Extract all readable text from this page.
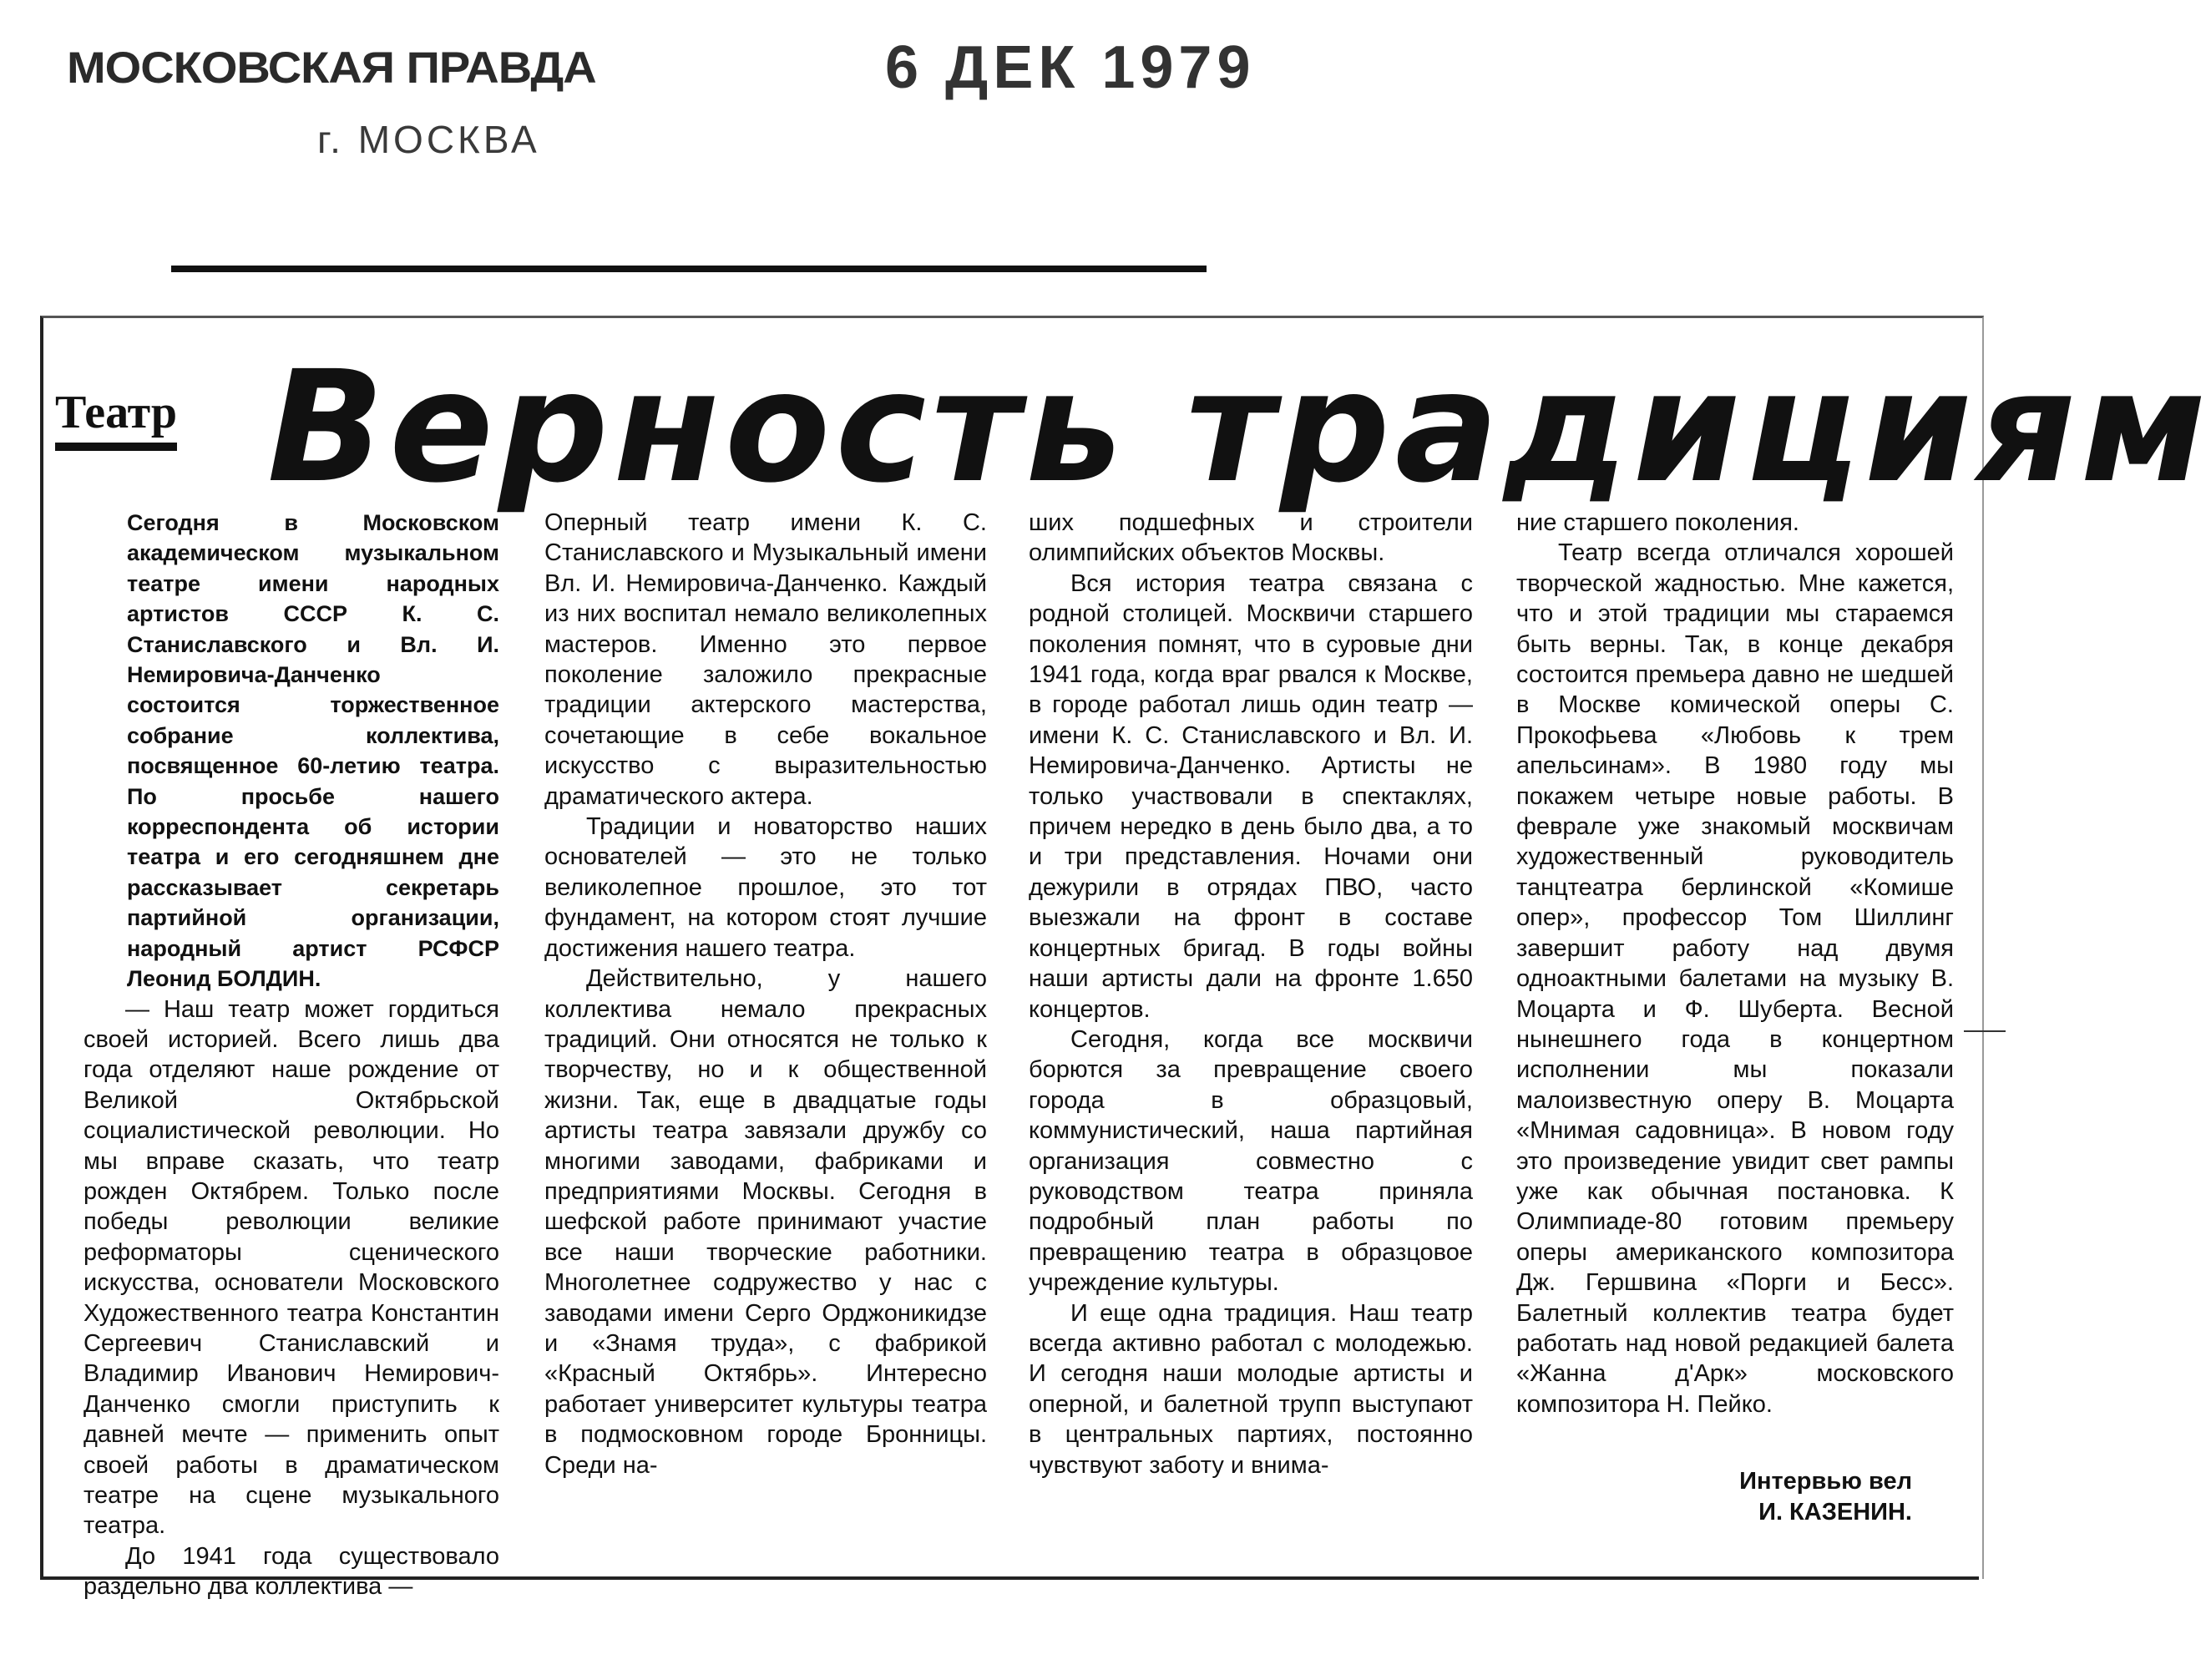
МОСКОВСКАЯ ПРАВДА
г. МОСКВА
6 ДЕК 1979
Театр Верность традициям

Сегодня в Московском академическом музыкальном театре имени народных артистов СССР К. С. Станиславского и Вл. И. Немировича-Данченко состоится торжественное собрание коллектива, посвященное 60-летию театра. По просьбе нашего корреспондента об истории театра и его сегодняшнем дне рассказывает секретарь партийной организации, народный артист РСФСР Леонид БОЛДИН.

— Наш театр может гордиться своей историей. Всего лишь два года отделяют наше рождение от Великой Октябрьской социалистической революции. Но мы вправе сказать, что театр рожден Октябрем. Только после победы революции великие реформаторы сценического искусства, основатели Московского Художественного театра Константин Сергеевич Станиславский и Владимир Иванович Немирович-Данченко смогли приступить к давней мечте — применить опыт своей работы в драматическом театре на сцене музыкального театра.

До 1941 года существовало раздельно два коллектива —

Оперный театр имени К. С. Станиславского и Музыкальный имени Вл. И. Немировича-Данченко. Каждый из них воспитал немало великолепных мастеров. Именно это первое поколение заложило прекрасные традиции актерского мастерства, сочетающие в себе вокальное искусство с выразительностью драматического актера.

Традиции и новаторство наших основателей — это не только великолепное прошлое, это тот фундамент, на котором стоят лучшие достижения нашего театра.

Действительно, у нашего коллектива немало прекрасных традиций. Они относятся не только к творчеству, но и к общественной жизни. Так, еще в двадцатые годы артисты театра завязали дружбу со многими заводами, фабриками и предприятиями Москвы. Сегодня в шефской работе принимают участие все наши творческие работники. Многолетнее содружество у нас с заводами имени Серго Орджоникидзе и «Знамя труда», с фабрикой «Красный Октябрь». Интересно работает университет культуры театра в подмосковном городе Бронницы. Среди на-

ших подшефных и строители олимпийских объектов Москвы.

Вся история театра связана с родной столицей. Москвичи старшего поколения помнят, что в суровые дни 1941 года, когда враг рвался к Москве, в городе работал лишь один театр — имени К. С. Станиславского и Вл. И. Немировича-Данченко. Артисты не только участвовали в спектаклях, причем нередко в день было два, а то и три представления. Ночами они дежурили в отрядах ПВО, часто выезжали на фронт в составе концертных бригад. В годы войны наши артисты дали на фронте 1.650 концертов.

Сегодня, когда все москвичи борются за превращение своего города в образцовый, коммунистический, наша партийная организация совместно с руководством театра приняла подробный план работы по превращению театра в образцовое учреждение культуры.

И еще одна традиция. Наш театр всегда активно работал с молодежью. И сегодня наши молодые артисты и оперной, и балетной трупп выступают в центральных партиях, постоянно чувствуют заботу и внима-

ние старшего поколения.

Театр всегда отличался хорошей творческой жадностью. Мне кажется, что и этой традиции мы стараемся быть верны. Так, в конце декабря состоится премьера давно не шедшей в Москве комической оперы С. Прокофьева «Любовь к трем апельсинам». В 1980 году мы покажем четыре новые работы. В феврале уже знакомый москвичам художественный руководитель танцтеатра берлинской «Комише опер», профессор Том Шиллинг завершит работу над двумя одноактными балетами на музыку В. Моцарта и Ф. Шуберта. Весной нынешнего года в концертном исполнении мы показали малоизвестную оперу В. Моцарта «Мнимая садовница». В новом году это произведение увидит свет рампы уже как обычная постановка. К Олимпиаде-80 готовим премьеру оперы американского композитора Дж. Гершвина «Порги и Бесс». Балетный коллектив театра будет работать над новой редакцией балета «Жанна д'Арк» московского композитора Н. Пейко.

Интервью вел
И. КАЗЕНИН.
